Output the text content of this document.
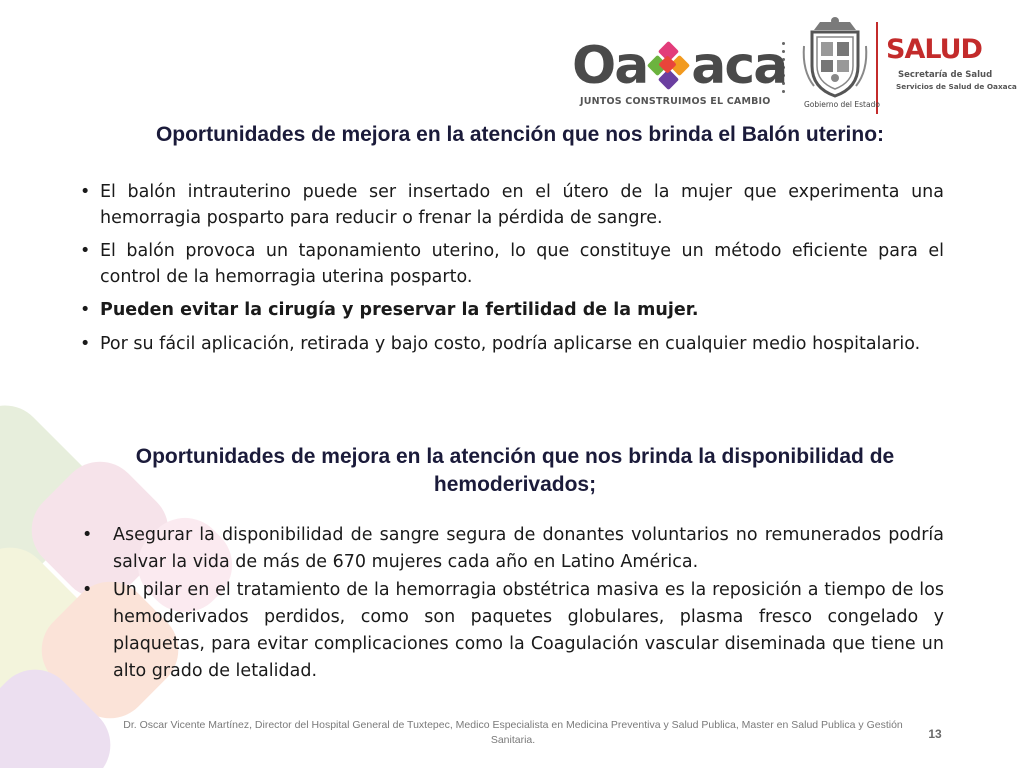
Oa aca
JUNTOS CONSTRUIMOS EL CAMBIO	Gobierno del Estado
SALUD
Secretaría de Salud
Servicios de Salud de Oaxaca
Oportunidades de mejora en la atención que nos brinda el Balón uterino:
• El balón intrauterino puede ser insertado en el útero de la mujer que experimenta una hemorragia posparto para reducir o frenar la pérdida de sangre.
• El balón provoca un taponamiento uterino, lo que constituye un método eficiente para el control de la hemorragia uterina posparto.
• Pueden evitar la cirugía y preservar la fertilidad de la mujer.
• Por su fácil aplicación, retirada y bajo costo, podría aplicarse en cualquier medio hospitalario.
Oportunidades de mejora en la atención que nos brinda la disponibilidad de hemoderivados;
• Asegurar la disponibilidad de sangre segura de donantes voluntarios no remunerados podría salvar la vida de más de 670 mujeres cada año en Latino América.
• Un pilar en el tratamiento de la hemorragia obstétrica masiva es la reposición a tiempo de los hemoderivados perdidos, como son paquetes globulares, plasma fresco congelado y plaquetas, para evitar complicaciones como la Coagulación vascular diseminada que tiene un alto grado de letalidad.
Dr. Oscar Vicente Martínez, Director del Hospital General de Tuxtepec, Medico Especialista en Medicina Preventiva y Salud Publica, Master en Salud Publica y Gestión Sanitaria.	13
